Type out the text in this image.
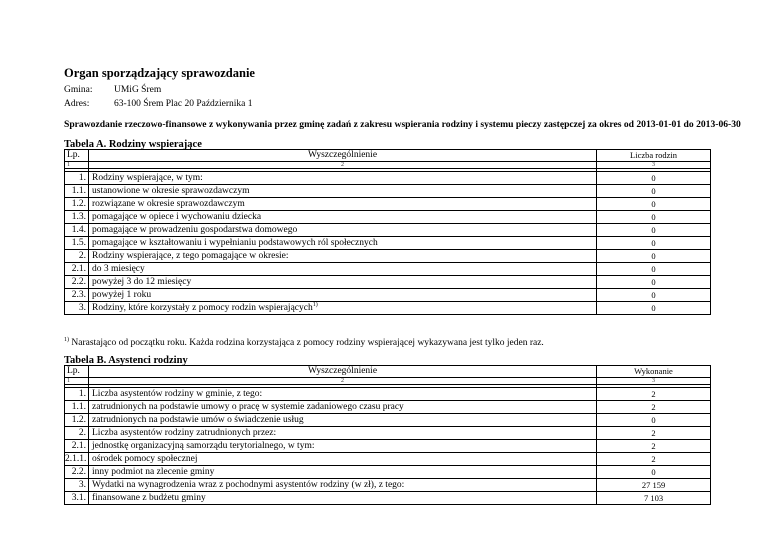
Organ sporządzający sprawozdanie
Gmina: UMiG Śrem
Adres:	63-100 Śrem Plac 20 Października 1
Sprawozdanie rzeczowo-finansowe z wykonywania przez gminę zadań z zakresu wspierania rodziny i systemu pieczy zastępczej za okres od 2013-01-01 do 2013-06-30
Tabela A. Rodziny wspierające
Lp.	Wyszczególnienie	Liczba rodzin
1	2	3

1.	Rodziny wspierające, w tym:	0
1.1.	ustanowione w okresie sprawozdawczym	0
1.2.	rozwiązane w okresie sprawozdawczym	0
1.3.	pomagające w opiece i wychowaniu dziecka	0
1.4.	pomagające w prowadzeniu gospodarstwa domowego	0
1.5.	pomagające w kształtowaniu i wypełnianiu podstawowych ról społecznych	0
2.	Rodziny wspierające, z tego pomagające w okresie:	0
2.1.	do 3 miesięcy	0
2.2.	powyżej 3 do 12 miesięcy	0
2.3.	powyżej 1 roku	0
3.	Rodziny, które korzystały z pomocy rodzin wspierających$^{1)}$	0
$^{1)}$ Narastająco od początku roku. Każda rodzina korzystająca z pomocy rodziny wspierającej wykazywana jest tylko jeden raz.
Tabela B. Asystenci rodziny
Lp.	Wyszczególnienie	Wykonanie
1	2	3

1.	Liczba asystentów rodziny w gminie, z tego:	2
1.1.	zatrudnionych na podstawie umowy o pracę w systemie zadaniowego czasu pracy	2
1.2.	zatrudnionych na podstawie umów o świadczenie usług	0
2.	Liczba asystentów rodziny zatrudnionych przez:	2
2.1.	jednostkę organizacyjną samorządu terytorialnego, w tym:	2
2.1.1.	ośrodek pomocy społecznej	2
2.2.	inny podmiot na zlecenie gminy	0
3.	Wydatki na wynagrodzenia wraz z pochodnymi asystentów rodziny (w zł), z tego:	27 159
3.1.	finansowane z budżetu gminy	7 103
